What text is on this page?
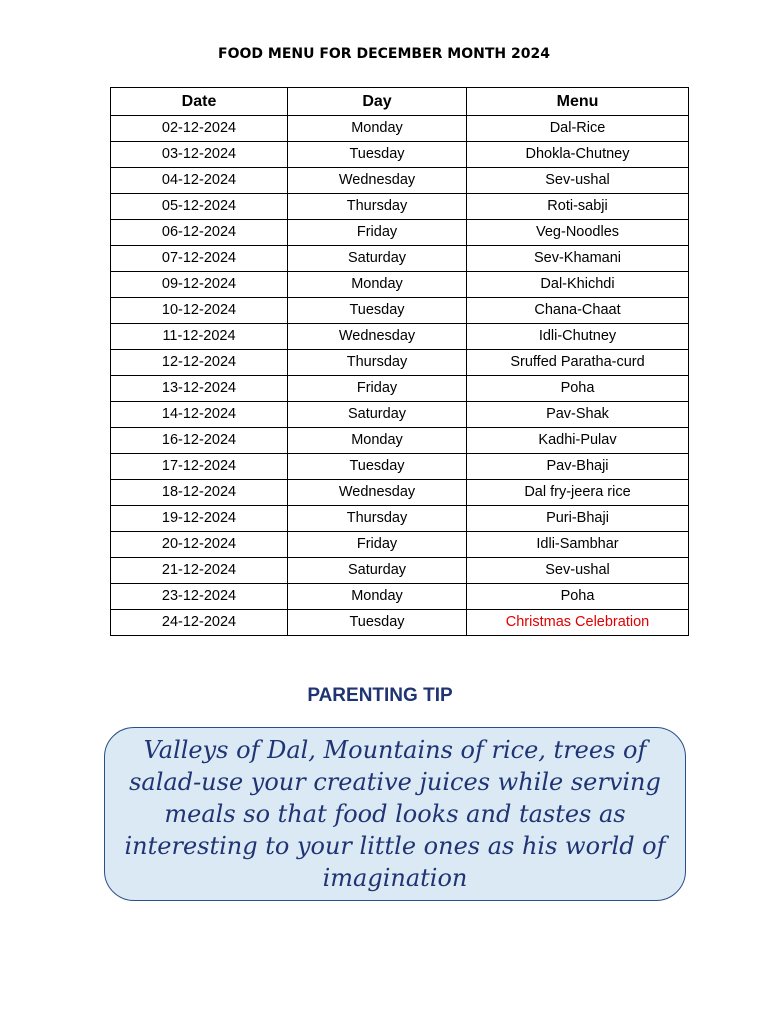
FOOD MENU FOR DECEMBER MONTH 2024
Date	Day	Menu
02-12-2024	Monday	Dal-Rice
03-12-2024	Tuesday	Dhokla-Chutney
04-12-2024	Wednesday	Sev-ushal
05-12-2024	Thursday	Roti-sabji
06-12-2024	Friday	Veg-Noodles
07-12-2024	Saturday	Sev-Khamani
09-12-2024	Monday	Dal-Khichdi
10-12-2024	Tuesday	Chana-Chaat
11-12-2024	Wednesday	Idli-Chutney
12-12-2024	Thursday	Sruffed Paratha-curd
13-12-2024	Friday	Poha
14-12-2024	Saturday	Pav-Shak
16-12-2024	Monday	Kadhi-Pulav
17-12-2024	Tuesday	Pav-Bhaji
18-12-2024	Wednesday	Dal fry-jeera rice
19-12-2024	Thursday	Puri-Bhaji
20-12-2024	Friday	Idli-Sambhar
21-12-2024	Saturday	Sev-ushal
23-12-2024	Monday	Poha
24-12-2024	Tuesday	Christmas Celebration
PARENTING TIP
Valleys of Dal, Mountains of rice, trees of salad-use your creative juices while serving meals so that food looks and tastes as interesting to your little ones as his world of imagination
